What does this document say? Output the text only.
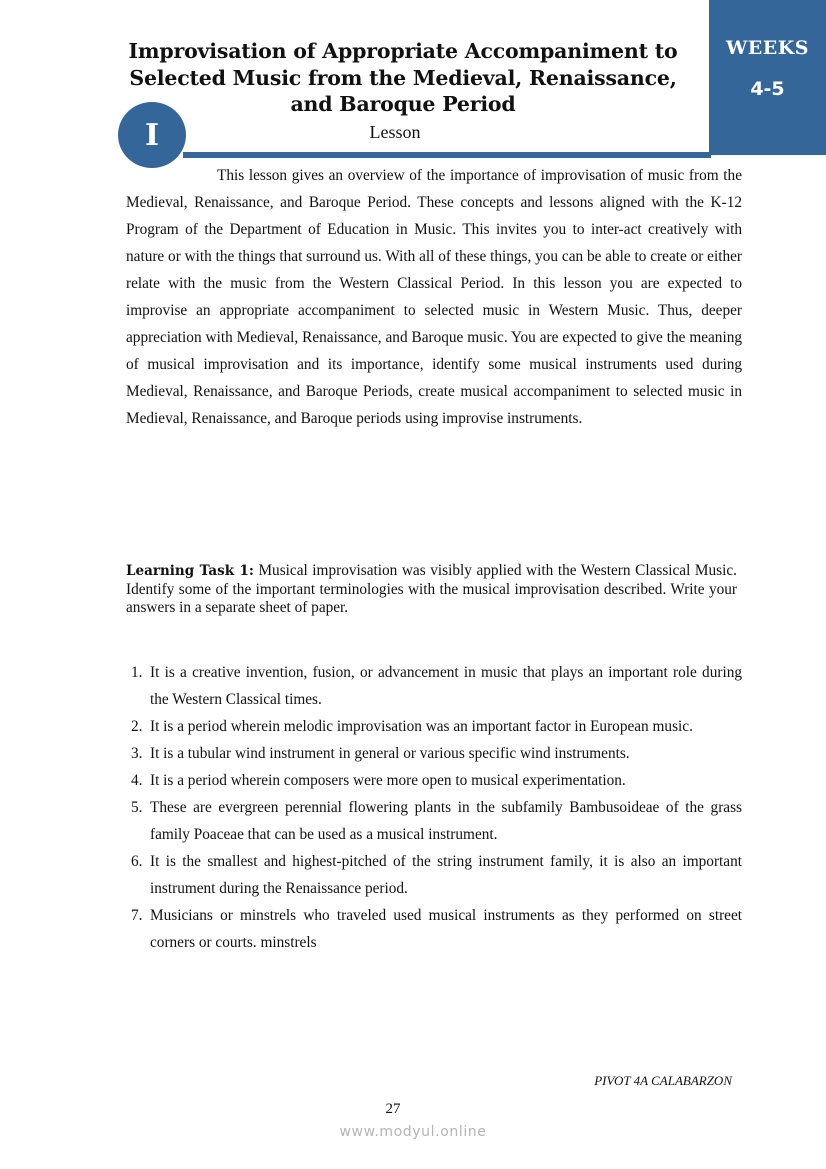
WEEKS
4-5
Improvisation of Appropriate Accompaniment to
Selected Music from the Medieval, Renaissance,
and Baroque Period
I	Lesson

This lesson gives an overview of the importance of improvisation of music from the Medieval, Renaissance, and Baroque Period. These concepts and lessons aligned with the K-12 Program of the Department of Education in Music. This invites you to inter-act creatively with nature or with the things that surround us. With all of these things, you can be able to create or either relate with the music from the Western Classical Period. In this lesson you are expected to improvise an appropriate accompaniment to selected music in Western Music. Thus, deeper appreciation with Medieval, Renaissance, and Baroque music. You are expected to give the meaning of musical improvisation and its importance, identify some musical instruments used during Medieval, Renaissance, and Baroque Periods, create musical accompaniment to selected music in Medieval, Renaissance, and Baroque periods using improvise instruments.

Learning Task 1: Musical improvisation was visibly applied with the Western Classical Music. Identify some of the important terminologies with the musical improvisation described. Write your answers in a separate sheet of paper.

1. It is a creative invention, fusion, or advancement in music that plays an important role during the Western Classical times.
2. It is a period wherein melodic improvisation was an important factor in European music.
3. It is a tubular wind instrument in general or various specific wind instruments.
4. It is a period wherein composers were more open to musical experimentation.
5. These are evergreen perennial flowering plants in the subfamily Bambusoideae of the grass family Poaceae that can be used as a musical instrument.
6. It is the smallest and highest-pitched of the string instrument family, it is also an important instrument during the Renaissance period.
7. Musicians or minstrels who traveled used musical instruments as they performed on street corners or courts. minstrels
PIVOT 4A CALABARZON
27
www.modyul.online
